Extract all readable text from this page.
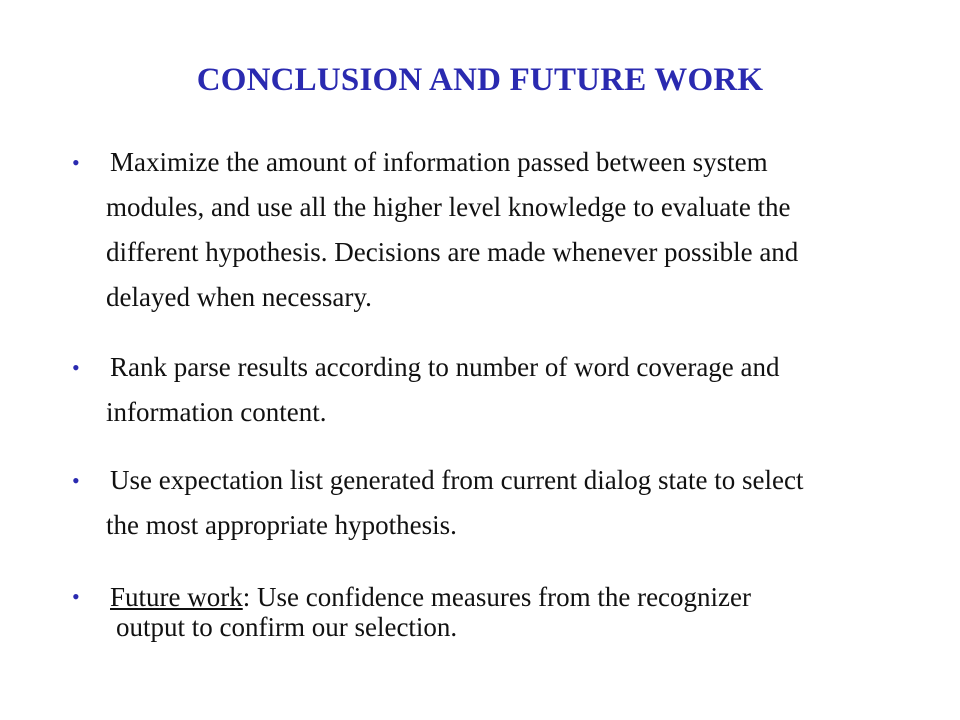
CONCLUSION AND FUTURE WORK
• Maximize the amount of information passed between system
modules, and use all the higher level knowledge to evaluate the
different hypothesis. Decisions are made whenever possible and
delayed when necessary.
• Rank parse results according to number of word coverage and
information content.
• Use expectation list generated from current dialog state to select
the most appropriate hypothesis.
• Future work: Use confidence measures from the recognizer
output to confirm our selection.
